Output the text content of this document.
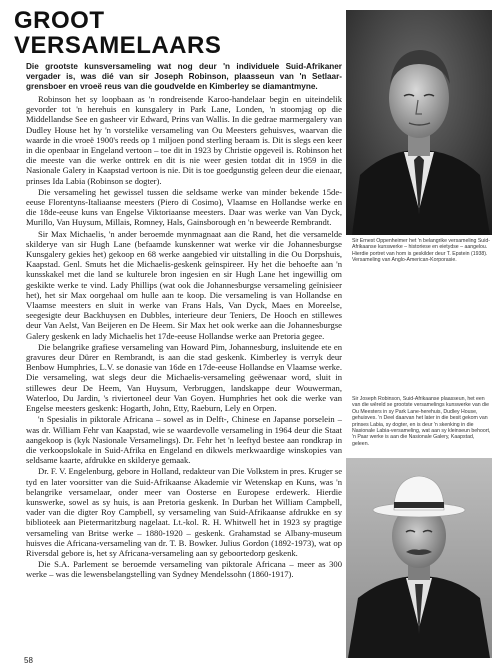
GROOT
VERSAMELAARS

Die grootste kunsversameling wat nog deur 'n individuele Suid-Afrikaner vergader is, was dié van sir Joseph Robinson, plaasseun van 'n Setlaar-grensboer en vroeë reus van die goudvelde en Kimberley se diamantmyne.

Robinson het sy loopbaan as 'n rondreisende Karoo-handelaar begin en uiteindelik gevorder tot 'n herehuis en kunsgalery in Park Lane, Londen, 'n stoomjag op die Middellandse See en gasheer vir Edward, Prins van Wallis. In die gedrae marmergalery van Dudley House het hy 'n vorstelike versameling van Ou Meesters gehuisves, waarvan die waarde in die vroeë 1900's reeds op 1 miljoen pond sterling beraam is. Dit is slegs een keer in die openbaar in Engeland vertoon – toe dit in 1923 by Christie opgeveil is. Robinson het die meeste van die werke onttrek en dit is nie weer gesien totdat dit in 1959 in die Nasionale Galery in Kaapstad vertoon is nie. Dit is toe goedgunstig geleen deur die eienaar, prinses Ida Labia (Robinson se dogter).

Die versameling het gewissel tussen die seldsame werke van minder bekende 15de-eeuse Florentyns-Italiaanse meesters (Piero di Cosimo), Vlaamse en Hollandse werke en die 18de-eeuse kuns van Engelse Viktoriaanse meesters. Daar was werke van Van Dyck, Murillo, Van Huysum, Millais, Romney, Hals, Gainsborough en 'n beweerde Rembrandt.

Sir Max Michaelis, 'n ander beroemde mynmagnaat aan die Rand, het die versamelde skilderye van sir Hugh Lane (befaamde kunskenner wat werke vir die Johannesburgse Kunsgalery gekies het) gekoop en 68 werke aangebied vir uitstalling in die Ou Dorpshuis, Kaapstad. Genl. Smuts het die Michaelis-geskenk geïnspireer. Hy het die behoefte aan 'n kunsskakel met die land se kulturele bron ingesien en sir Hugh Lane het ingewillig om geskikte werke te vind. Lady Phillips (wat ook die Johannesburgse versameling geïnisieer het), het sir Max oorgehaal om hulle aan te koop. Die versameling is van Hollandse en Vlaamse meesters en sluit in werke van Frans Hals, Van Dyck, Maes en Moreelse, seegesigte deur Backhuysen en Dubbles, interieure deur Teniers, De Hooch en stillewes deur Van Aelst, Van Beijeren en De Heem. Sir Max het ook werke aan die Johannesburgse Galery geskenk en lady Michaelis het 17de-eeuse Hollandse werke aan Pretoria gegee.

Die belangrike grafiese versameling van Howard Pim, Johannesburg, insluitende ete en gravures deur Dürer en Rembrandt, is aan die stad geskenk. Kimberley is verryk deur Benbow Humphries, L.V. se donasie van 16de en 17de-eeuse Hollandse en Vlaamse werke. Die versameling, wat slegs deur die Michaelis-versameling geëwenaar word, sluit in stillewes deur De Heem, Van Huysum, Verbruggen, landskappe deur Wouwerman, Waterloo, Du Jardin, 's riviertoneel deur Van Goyen. Humphries het ook die werke van Engelse meesters geskenk: Hogarth, John, Etty, Raeburn, Lely en Orpen.

'n Spesialis in piktorale Africana – sowel as in Delft-, Chinese en Japanse porselein – was dr. William Fehr van Kaapstad, wie se waardevolle versameling in 1964 deur die Staat aangekoop is (kyk Nasionale Versamelings). Dr. Fehr het 'n leeftyd bestee aan rondkrap in die verkoopslokale in Suid-Afrika en Engeland en dikwels merkwaardige winskopies van seldsame kaarte, afdrukke en skilderye gemaak.

Dr. F. V. Engelenburg, gebore in Holland, redakteur van Die Volkstem in pres. Kruger se tyd en later voorsitter van die Suid-Afrikaanse Akademie vir Wetenskap en Kuns, was 'n belangrike versamelaar, onder meer van Oosterse en Europese erdewerk. Hierdie kunswerke, sowel as sy huis, is aan Pretoria geskenk. In Durban het William Campbell, vader van die digter Roy Campbell, sy versameling van Suid-Afrikaanse afdrukke en sy biblioteek aan Pietermaritzburg nagelaat. Lt.-kol. R. H. Whitwell het in 1923 sy pragtige versameling van Britse werke – 1880-1920 – geskenk. Grahamstad se Albany-museum huisves die Africana-versameling van dr. T. B. Bowker. Julius Gordon (1892-1973), wat op Riversdal gebore is, het sy Africana-versameling aan sy geboortedorp geskenk.

Die S.A. Parlement se beroemde versameling van piktorale Africana – meer as 300 werke – was die lewensbelangstelling van Sydney Mendelssohn (1860-1917).

Sir Ernest Oppenheimer het 'n belangrike versameling Suid-Afrikaanse kunswerke – historiese en eietydse – aangelou. Hierdie portret van hom is geskilder deur T. Epstein (1938). Versameling van Anglo-American-Korporasie.

Sir Joseph Robinson, Suid-Afrikaanse plaasseun, het een van die wêreld se grootste versamelings kunswerke van die Ou Meesters in sy Park Lane-herehuis, Dudley House, gehuisves. 'n Deel daarvan het later in die besit gekom van prinses Labia, sy dogter, en is deur 'n skenking in die Nasionale Labia-versameling, wat aan sy kleinseun behoort, 'n Paar werke is aan die Nasionale Galery, Kaapstad, geleen.

58
